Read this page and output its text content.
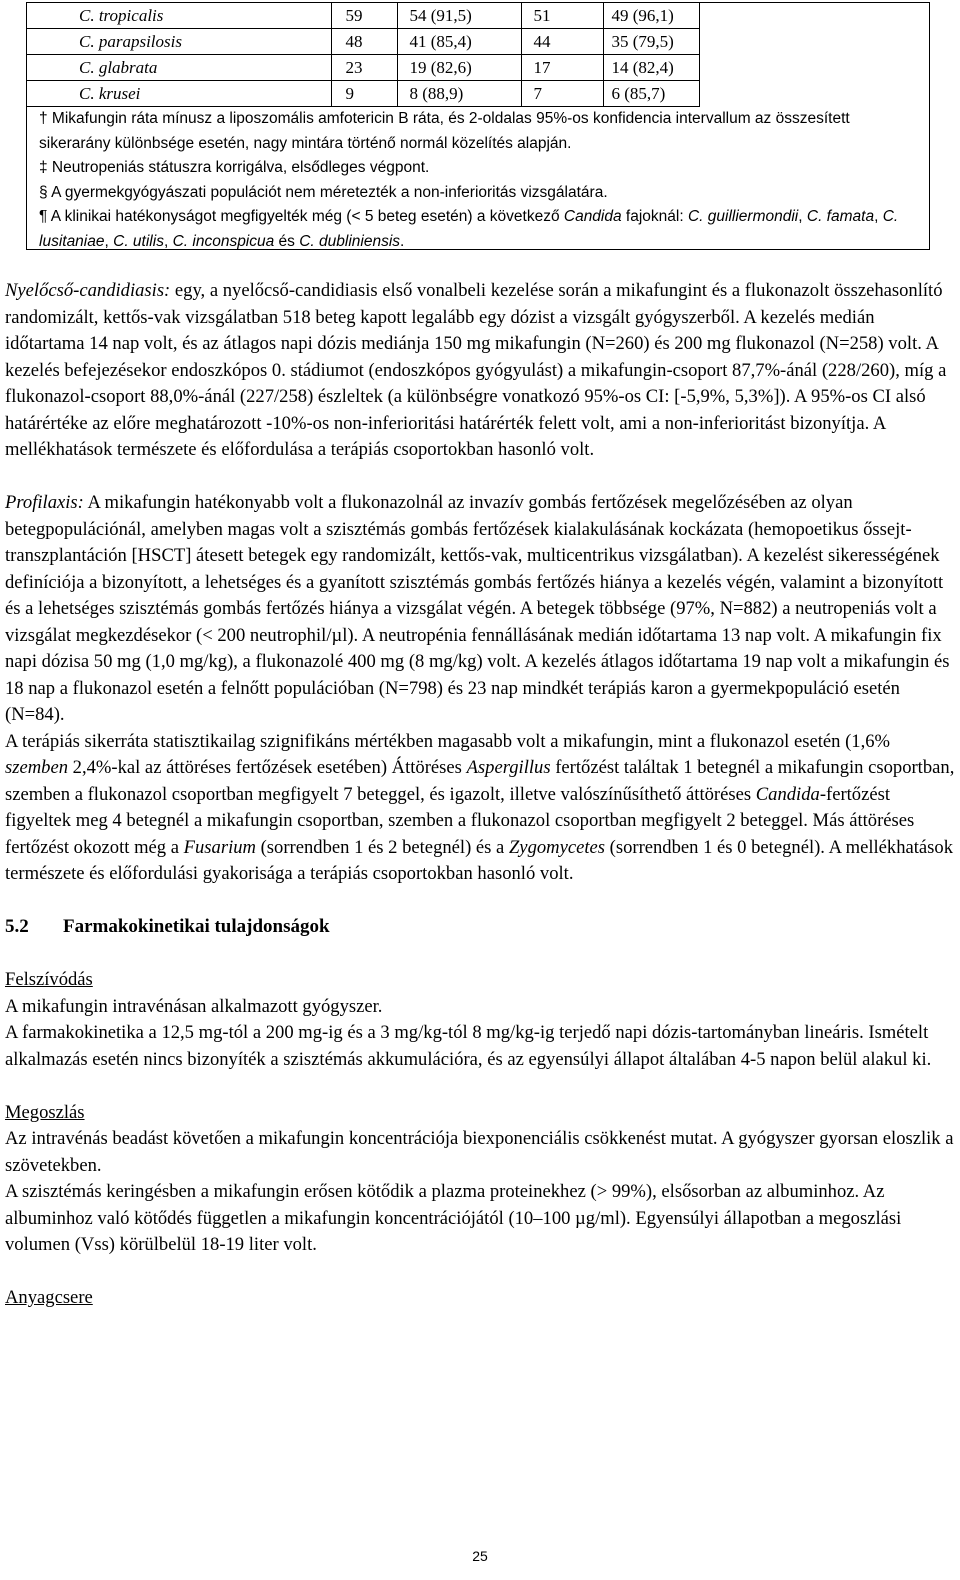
C. tropicalis	59	54 (91,5)	51	49 (96,1)
C. parapsilosis	48	41 (85,4)	44	35 (79,5)
C. glabrata	23	19 (82,6)	17	14 (82,4)
C. krusei	9	8 (88,9)	7	6 (85,7)

† Mikafungin ráta mínusz a liposzomális amfotericin B ráta, és 2-oldalas 95%-os konfidencia intervallum az összesített sikerarány különbsége esetén, nagy mintára történő normál közelítés alapján.

‡ Neutropeniás státuszra korrigálva, elsődleges végpont.

§ A gyermekgyógyászati populációt nem méretezték a non-inferioritás vizsgálatára.

¶ A klinikai hatékonyságot megfigyelték még (< 5 beteg esetén) a következő Candida fajoknál: C. guilliermondii, C. famata, C. lusitaniae, C. utilis, C. inconspicua és C. dubliniensis.

Nyelőcső-candidiasis: egy, a nyelőcső-candidiasis első vonalbeli kezelése során a mikafungint és a flukonazolt összehasonlító randomizált, kettős-vak vizsgálatban 518 beteg kapott legalább egy dózist a vizsgált gyógyszerből. A kezelés medián időtartama 14 nap volt, és az átlagos napi dózis mediánja 150 mg mikafungin (N=260) és 200 mg flukonazol (N=258) volt. A kezelés befejezésekor endoszkópos 0. stádiumot (endoszkópos gyógyulást) a mikafungin-csoport 87,7%-ánál (228/260), míg a flukonazol-csoport 88,0%-ánál (227/258) észleltek (a különbségre vonatkozó 95%-os CI: [-5,9%, 5,3%]). A 95%-os CI alsó határértéke az előre meghatározott -10%-os non-inferioritási határérték felett volt, ami a non-inferioritást bizonyítja. A mellékhatások természete és előfordulása a terápiás csoportokban hasonló volt.

Profilaxis: A mikafungin hatékonyabb volt a flukonazolnál az invazív gombás fertőzések megelőzésében az olyan betegpopulációnál, amelyben magas volt a szisztémás gombás fertőzések kialakulásának kockázata (hemopoetikus őssejt-transzplantáción [HSCT] átesett betegek egy randomizált, kettős-vak, multicentrikus vizsgálatban). A kezelést sikerességének definíciója a bizonyított, a lehetséges és a gyanított szisztémás gombás fertőzés hiánya a kezelés végén, valamint a bizonyított és a lehetséges szisztémás gombás fertőzés hiánya a vizsgálat végén. A betegek többsége (97%, N=882) a neutropeniás volt a vizsgálat megkezdésekor (< 200 neutrophil/µl). A neutropénia fennállásának medián időtartama 13 nap volt. A mikafungin fix napi dózisa 50 mg (1,0 mg/kg), a flukonazolé 400 mg (8 mg/kg) volt. A kezelés átlagos időtartama 19 nap volt a mikafungin és 18 nap a flukonazol esetén a felnőtt populációban (N=798) és 23 nap mindkét terápiás karon a gyermekpopuláció esetén (N=84).

A terápiás sikerráta statisztikailag szignifikáns mértékben magasabb volt a mikafungin, mint a flukonazol esetén (1,6% szemben 2,4%-kal az áttöréses fertőzések esetében) Áttöréses Aspergillus fertőzést találtak 1 betegnél a mikafungin csoportban, szemben a flukonazol csoportban megfigyelt 7 beteggel, és igazolt, illetve valószínűsíthető áttöréses Candida-fertőzést figyeltek meg 4 betegnél a mikafungin csoportban, szemben a flukonazol csoportban megfigyelt 2 beteggel. Más áttöréses fertőzést okozott még a Fusarium (sorrendben 1 és 2 betegnél) és a Zygomycetes (sorrendben 1 és 0 betegnél). A mellékhatások természete és előfordulási gyakorisága a terápiás csoportokban hasonló volt.

5.2 Farmakokinetikai tulajdonságok

Felszívódás

A mikafungin intravénásan alkalmazott gyógyszer.

A farmakokinetika a 12,5 mg-tól a 200 mg-ig és a 3 mg/kg-tól 8 mg/kg-ig terjedő napi dózis-tartományban lineáris. Ismételt alkalmazás esetén nincs bizonyíték a szisztémás akkumulációra, és az egyensúlyi állapot általában 4-5 napon belül alakul ki.

Megoszlás

Az intravénás beadást követően a mikafungin koncentrációja biexponenciális csökkenést mutat. A gyógyszer gyorsan eloszlik a szövetekben.

A szisztémás keringésben a mikafungin erősen kötődik a plazma proteinekhez (> 99%), elsősorban az albuminhoz. Az albuminhoz való kötődés független a mikafungin koncentrációjától (10–100 µg/ml). Egyensúlyi állapotban a megoszlási volumen (Vss) körülbelül 18-19 liter volt.

Anyagcsere

25
